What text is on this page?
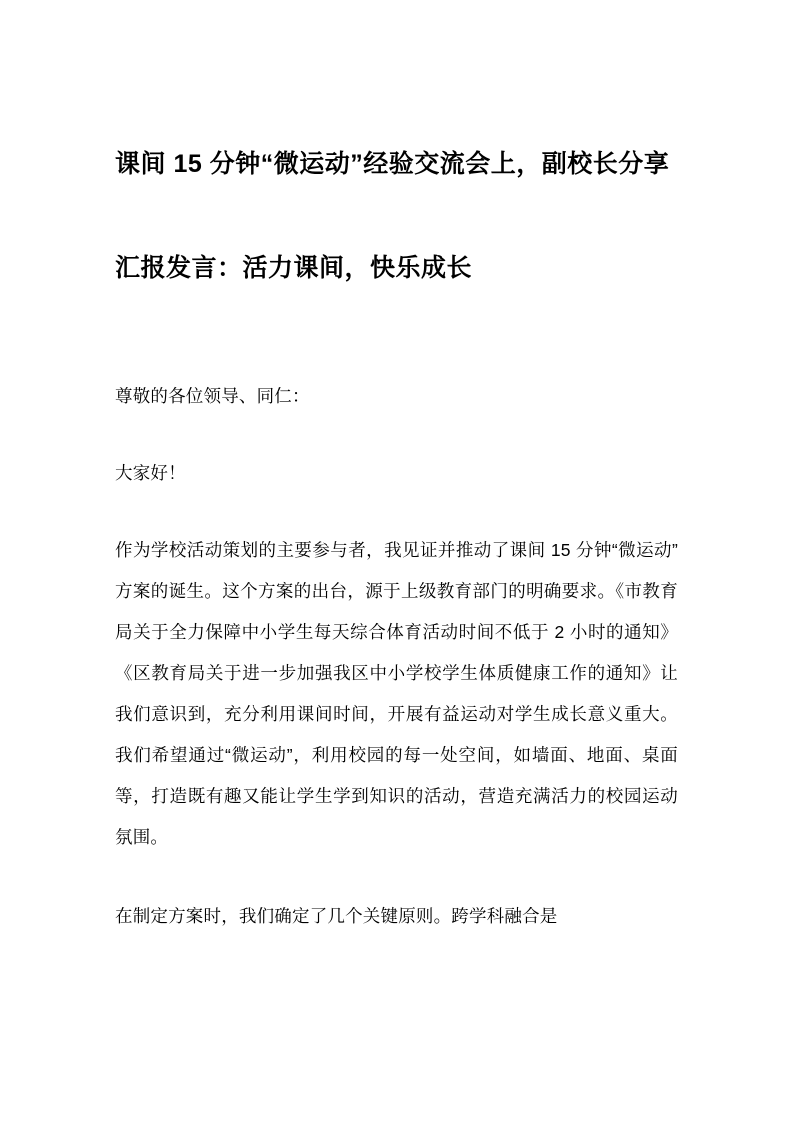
课间 15 分钟“微运动”经验交流会上，副校长分享汇报发言：活力课间，快乐成长

尊敬的各位领导、同仁：

大家好！

作为学校活动策划的主要参与者，我见证并推动了课间 15 分钟“微运动”方案的诞生。这个方案的出台，源于上级教育部门的明确要求。《市教育局关于全力保障中小学生每天综合体育活动时间不低于 2 小时的通知》《区教育局关于进一步加强我区中小学校学生体质健康工作的通知》让我们意识到，充分利用课间时间，开展有益运动对学生成长意义重大。我们希望通过“微运动”，利用校园的每一处空间，如墙面、地面、桌面等，打造既有趣又能让学生学到知识的活动，营造充满活力的校园运动氛围。

在制定方案时，我们确定了几个关键原则。跨学科融合是
